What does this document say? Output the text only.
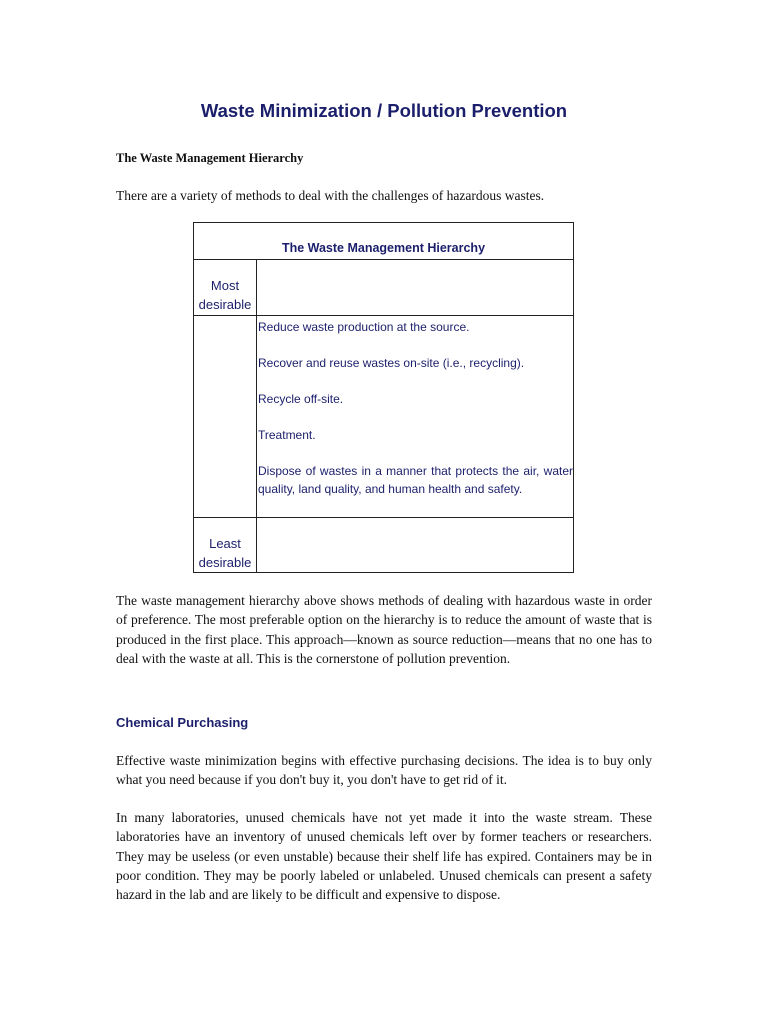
Waste Minimization / Pollution Prevention
The Waste Management Hierarchy
There are a variety of methods to deal with the challenges of hazardous wastes.
The Waste Management Hierarchy
Most desirable

Reduce waste production at the source.

Recover and reuse wastes on-site (i.e., recycling).

Recycle off-site.

Treatment.

Dispose of wastes in a manner that protects the air, water quality, land quality, and human health and safety.

Least desirable
The waste management hierarchy above shows methods of dealing with hazardous waste in order of preference. The most preferable option on the hierarchy is to reduce the amount of waste that is produced in the first place. This approach—known as source reduction—means that no one has to deal with the waste at all. This is the cornerstone of pollution prevention.
Chemical Purchasing
Effective waste minimization begins with effective purchasing decisions. The idea is to buy only what you need because if you don't buy it, you don't have to get rid of it.
In many laboratories, unused chemicals have not yet made it into the waste stream. These laboratories have an inventory of unused chemicals left over by former teachers or researchers. They may be useless (or even unstable) because their shelf life has expired. Containers may be in poor condition. They may be poorly labeled or unlabeled. Unused chemicals can present a safety hazard in the lab and are likely to be difficult and expensive to dispose.
